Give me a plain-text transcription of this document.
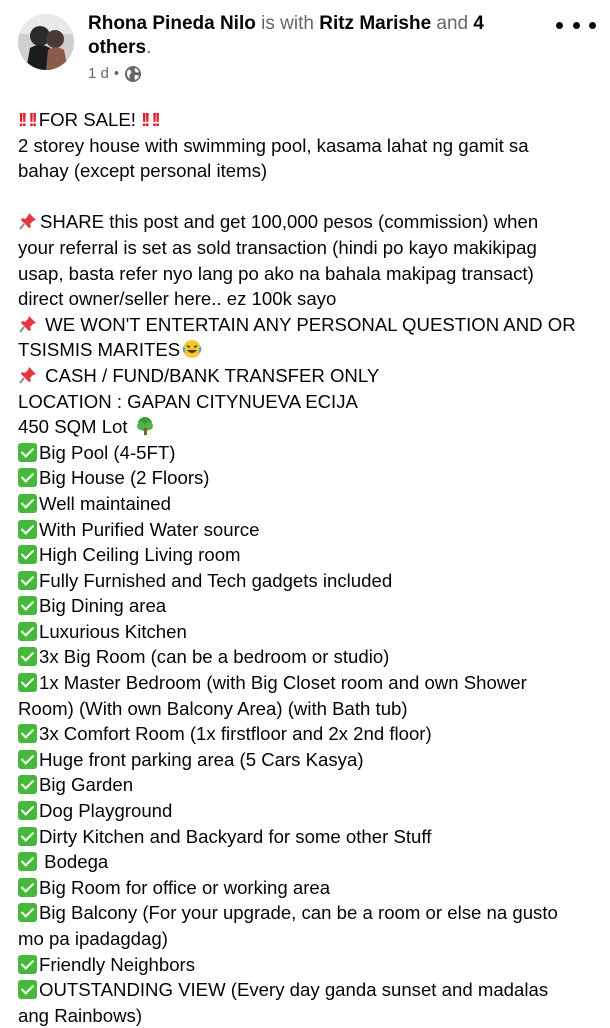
Rhona Pineda Nilo is with Ritz Marishe and 4 others.
1 d •
!! !! FOR SALE! !! !!
2 storey house with swimming pool, kasama lahat ng gamit sa
bahay (except personal items)
SHARE this post and get 100,000 pesos (commission) when
your referral is set as sold transaction (hindi po kayo makikipag
usap, basta refer nyo lang po ako na bahala makipag transact)
direct owner/seller here.. ez 100k sayo
WE WON'T ENTERTAIN ANY PERSONAL QUESTION AND OR
TSISMIS MARITES
CASH / FUND/BANK TRANSFER ONLY
LOCATION : GAPAN CITYNUEVA ECIJA
450 SQM Lot
Big Pool (4-5FT)
Big House (2 Floors)
Well maintained
With Purified Water source
High Ceiling Living room
Fully Furnished and Tech gadgets included
Big Dining area
Luxurious Kitchen
3x Big Room (can be a bedroom or studio)
1x Master Bedroom (with Big Closet room and own Shower
Room) (With own Balcony Area) (with Bath tub)
3x Comfort Room (1x firstfloor and 2x 2nd floor)
Huge front parking area (5 Cars Kasya)
Big Garden
Dog Playground
Dirty Kitchen and Backyard for some other Stuff
Bodega
Big Room for office or working area
Big Balcony (For your upgrade, can be a room or else na gusto
mo pa ipadagdag)
Friendly Neighbors
OUTSTANDING VIEW (Every day ganda sunset and madalas
ang Rainbows)
